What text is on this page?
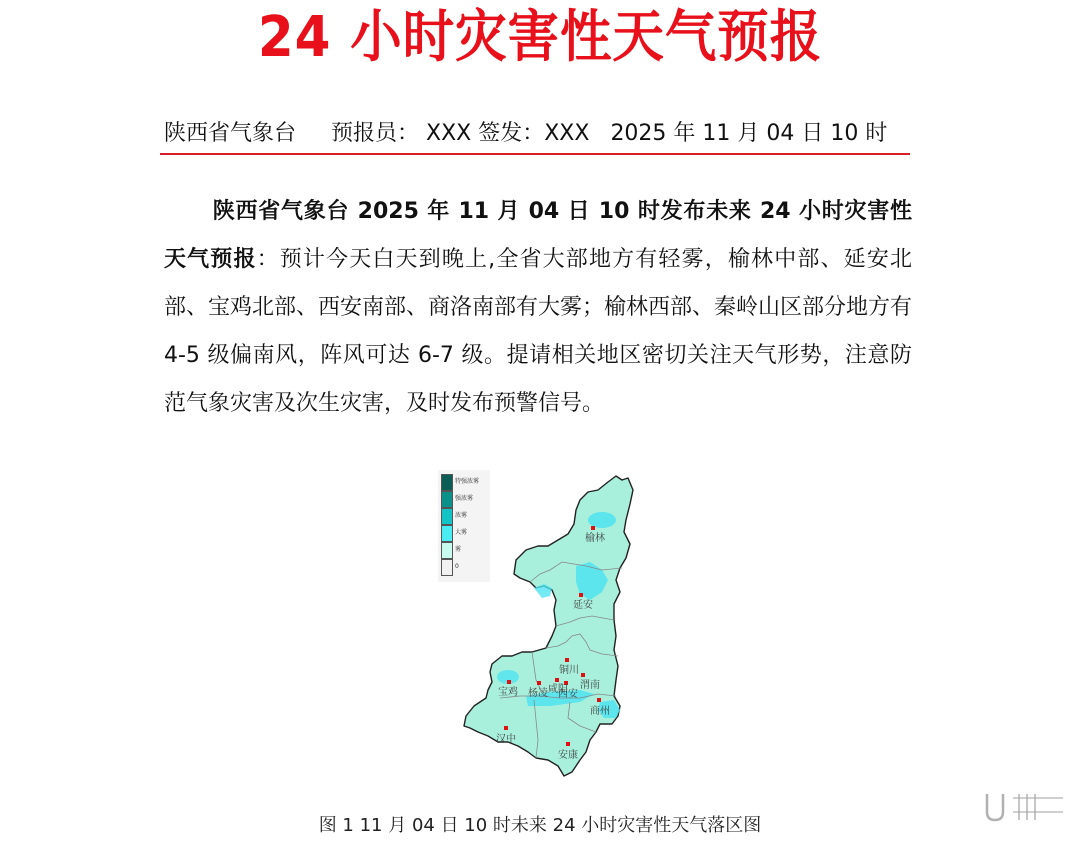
24 小时灾害性天气预报
陕西省气象台 预报员： XXX 签发：XXX 2025 年 11 月 04 日 10 时
陕西省气象台 2025 年 11 月 04 日 10 时发布未来 24 小时灾害性天气预报：预计今天白天到晚上,全省大部地方有轻雾，榆林中部、延安北部、宝鸡北部、西安南部、商洛南部有大雾；榆林西部、秦岭山区部分地方有 4-5 级偏南风，阵风可达 6-7 级。提请相关地区密切关注天气形势，注意防范气象灾害及次生灾害，及时发布预警信号。
榆林
延安
铜川
渭南
宝鸡 杨凌 咸阳
西安
商州
汉中
安康
特强浓雾
强浓雾
浓雾
大雾
雾
0
图 1 11 月 04 日 10 时未来 24 小时灾害性天气落区图
